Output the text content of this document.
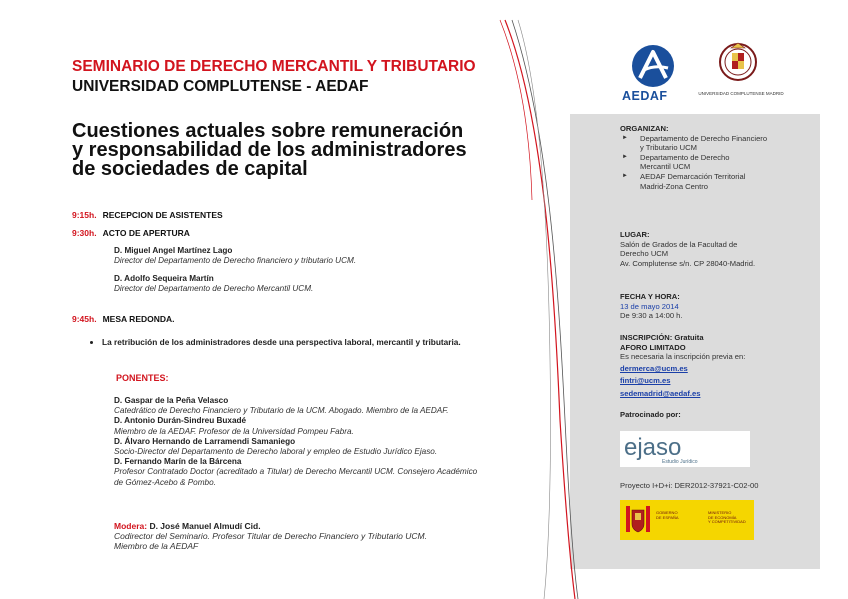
SEMINARIO DE DERECHO MERCANTIL Y TRIBUTARIO
UNIVERSIDAD COMPLUTENSE - AEDAF
Cuestiones actuales sobre remuneración
y responsabilidad de los administradores
de sociedades de capital
9:15h. RECEPCION DE ASISTENTES
9:30h. ACTO DE APERTURA
D. Miguel Angel Martínez Lago
Director del Departamento de Derecho financiero y tributario UCM.
D. Adolfo Sequeira Martín
Director del Departamento de Derecho Mercantil UCM.
9:45h. MESA REDONDA.
La retribución de los administradores desde una perspectiva laboral, mercantil y tributaria.
PONENTES:
D. Gaspar de la Peña Velasco
Catedrático de Derecho Financiero y Tributario de la UCM. Abogado. Miembro de la AEDAF.
D. Antonio Durán-Sindreu Buxadé
Miembro de la AEDAF. Profesor de la Universidad Pompeu Fabra.
D. Álvaro Hernando de Larramendi Samaniego
Socio-Director del Departamento de Derecho laboral y empleo de Estudio Jurídico Ejaso.
D. Fernando Marín de la Bárcena
Profesor Contratado Doctor (acreditado a Titular) de Derecho Mercantil UCM. Consejero Académico
de Gómez-Acebo & Pombo.
Modera: D. José Manuel Almudí Cid.
Codirector del Seminario. Profesor Titular de Derecho Financiero y Tributario UCM.
Miembro de la AEDAF
AEDAF	UNIVERSIDAD COMPLUTENSE MADRID
ORGANIZAN:
► Departamento de Derecho Financiero
y Tributario UCM
► Departamento de Derecho
Mercantil UCM
► AEDAF Demarcación Territorial
Madrid-Zona Centro
LUGAR:
Salón de Grados de la Facultad de
Derecho UCM
Av. Complutense s/n. CP 28040-Madrid.
FECHA Y HORA:
13 de mayo 2014
De 9:30 a 14:00 h.
INSCRIPCIÓN: Gratuita
AFORO LIMITADO
Es necesaria la inscripción previa en:
dermerca@ucm.es
fintri@ucm.es
sedemadrid@aedaf.es
Patrocinado por:
ejaso
Estudio Jurídico
Proyecto I+D+i: DER2012-37921-C02-00
GOBIERNO
DE ESPAÑA
MINISTERIO
DE ECONOMÍA
Y COMPETITIVIDAD
